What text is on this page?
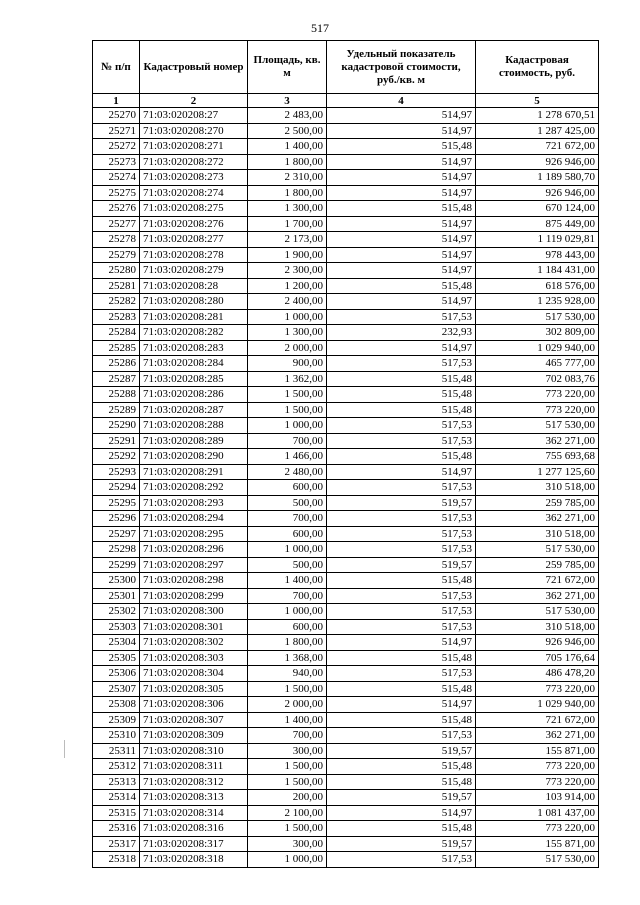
517
№ п/п	Кадастровый номер	Площадь, кв. м	Удельный показатель кадастровой стоимости, руб./кв. м	Кадастровая стоимость, руб.
1	2	3	4	5
25270	71:03:020208:27	2 483,00	514,97	1 278 670,51
25271	71:03:020208:270	2 500,00	514,97	1 287 425,00
25272	71:03:020208:271	1 400,00	515,48	721 672,00
25273	71:03:020208:272	1 800,00	514,97	926 946,00
25274	71:03:020208:273	2 310,00	514,97	1 189 580,70
25275	71:03:020208:274	1 800,00	514,97	926 946,00
25276	71:03:020208:275	1 300,00	515,48	670 124,00
25277	71:03:020208:276	1 700,00	514,97	875 449,00
25278	71:03:020208:277	2 173,00	514,97	1 119 029,81
25279	71:03:020208:278	1 900,00	514,97	978 443,00
25280	71:03:020208:279	2 300,00	514,97	1 184 431,00
25281	71:03:020208:28	1 200,00	515,48	618 576,00
25282	71:03:020208:280	2 400,00	514,97	1 235 928,00
25283	71:03:020208:281	1 000,00	517,53	517 530,00
25284	71:03:020208:282	1 300,00	232,93	302 809,00
25285	71:03:020208:283	2 000,00	514,97	1 029 940,00
25286	71:03:020208:284	900,00	517,53	465 777,00
25287	71:03:020208:285	1 362,00	515,48	702 083,76
25288	71:03:020208:286	1 500,00	515,48	773 220,00
25289	71:03:020208:287	1 500,00	515,48	773 220,00
25290	71:03:020208:288	1 000,00	517,53	517 530,00
25291	71:03:020208:289	700,00	517,53	362 271,00
25292	71:03:020208:290	1 466,00	515,48	755 693,68
25293	71:03:020208:291	2 480,00	514,97	1 277 125,60
25294	71:03:020208:292	600,00	517,53	310 518,00
25295	71:03:020208:293	500,00	519,57	259 785,00
25296	71:03:020208:294	700,00	517,53	362 271,00
25297	71:03:020208:295	600,00	517,53	310 518,00
25298	71:03:020208:296	1 000,00	517,53	517 530,00
25299	71:03:020208:297	500,00	519,57	259 785,00
25300	71:03:020208:298	1 400,00	515,48	721 672,00
25301	71:03:020208:299	700,00	517,53	362 271,00
25302	71:03:020208:300	1 000,00	517,53	517 530,00
25303	71:03:020208:301	600,00	517,53	310 518,00
25304	71:03:020208:302	1 800,00	514,97	926 946,00
25305	71:03:020208:303	1 368,00	515,48	705 176,64
25306	71:03:020208:304	940,00	517,53	486 478,20
25307	71:03:020208:305	1 500,00	515,48	773 220,00
25308	71:03:020208:306	2 000,00	514,97	1 029 940,00
25309	71:03:020208:307	1 400,00	515,48	721 672,00
25310	71:03:020208:309	700,00	517,53	362 271,00
25311	71:03:020208:310	300,00	519,57	155 871,00
25312	71:03:020208:311	1 500,00	515,48	773 220,00
25313	71:03:020208:312	1 500,00	515,48	773 220,00
25314	71:03:020208:313	200,00	519,57	103 914,00
25315	71:03:020208:314	2 100,00	514,97	1 081 437,00
25316	71:03:020208:316	1 500,00	515,48	773 220,00
25317	71:03:020208:317	300,00	519,57	155 871,00
25318	71:03:020208:318	1 000,00	517,53	517 530,00
